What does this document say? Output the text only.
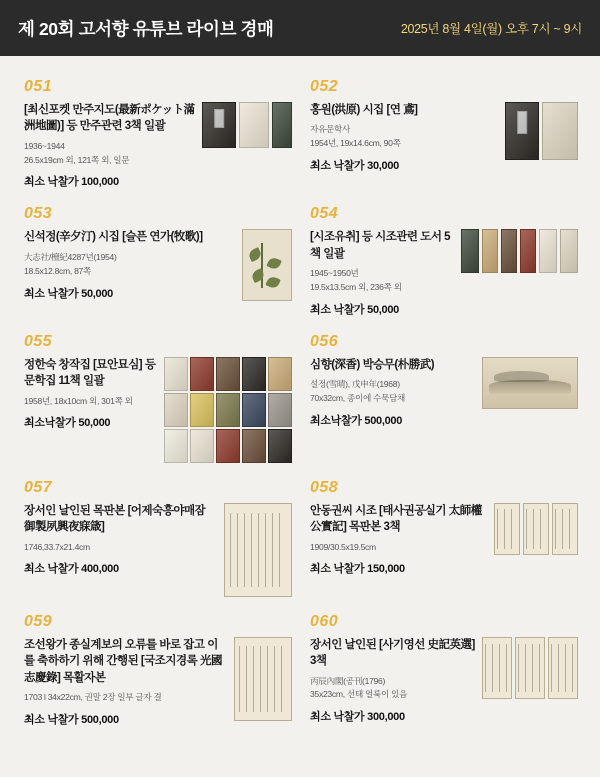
제 20회 고서향 유튜브 라이브 경매	2025년 8월 4일(월) 오후 7시 ~ 9시
051
[최신포켓 만주지도(最新ポケット滿洲地圖)] 등 만주관련 3책 일괄
1936~1944
26.5x19cm 외, 121쪽 외, 일문
최소 낙찰가 100,000
052
홍원(洪原) 시집 [연 鳶]
자유문학사
1954년, 19x14.6cm, 90쪽
최소 낙찰가 30,000
053
신석정(辛夕汀) 시집 [슬픈 연가(牧歌)]
大志社/檀紀4287년(1954)
18.5x12.8cm, 87쪽
최소 낙찰가 50,000
054
[시조유취] 등 시조관련 도서 5책 일괄
1945~1950년
19.5x13.5cm 외, 236쪽 외
최소 낙찰가 50,000
055
정한숙 창작집 [묘안묘심] 등 문학집 11책 일괄
1958년, 18x10cm 외, 301쪽 외
최소낙찰가 50,000
056
심향(深香) 박승무(朴勝武)
설정(雪晴), 戊申年(1968)
70x32cm, 종이에 수묵담채
최소낙찰가 500,000
057
장서인 날인된 목판본 [어제숙흥야매잠 御製夙興夜寐箴]
1746,33.7x21.4cm
최소 낙찰가 400,000
058
안동권씨 시조 [태사권공실기 太師權公實記] 목판본 3책
1909/30.5x19.5cm
최소 낙찰가 150,000
059
조선왕가 종실계보의 오류를 바로 잡고 이를 축하하기 위해 간행된 [국조지경록 光國志慶錄] 목활자본
1703 l 34x22cm, 권말 2장 일부 글자 결
최소 낙찰가 500,000
060
장서인 날인된 [사기영선 史記英選] 3책
丙辰內閣(공刊(1796)
35x23cm, 선태 얼룩이 있음
최소 낙찰가 300,000
